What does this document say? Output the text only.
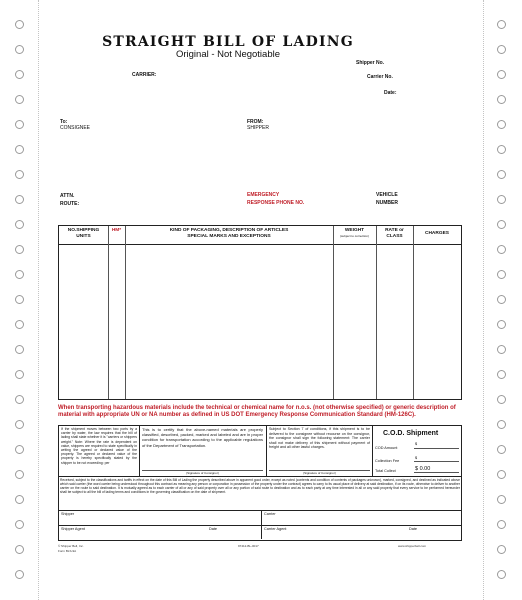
STRAIGHT BILL OF LADING
Original - Not Negotiable
CARRIER:
Shipper No.
Carrier No.
Date:
To:
CONSIGNEE
FROM:
SHIPPER
ATTN.
ROUTE:
EMERGENCY
RESPONSE PHONE NO.
VEHICLE
NUMBER
NO.SHIPPING
UNITS
HM*	KIND OF PACKAGING, DESCRIPTION OF ARTICLES
SPECIAL MARKS AND EXCEPTIONS
WEIGHT
(subject to correction)
RATE or
CLASS
CHARGES
When transporting hazardous materials include the technical or chemical name for n.o.s. (not otherwise specified) or generic description of material with appropriate UN or NA number as defined in US DOT Emergency Response Communication Standard (HM-126C).
If the shipment moves between two ports by a carrier by water, the law requires that the bill of lading shall state whether it is "carriers or shippers weight." Note: Where the rate is dependent on value, shippers are required to state specifically in writing the agreed or declared value of the property. The agreed or declared value of the property is hereby specifically stated by the shipper to be not exceeding: per
This is to certify that the above-named materials are properly classified, described, packed, marked and labeled and are in proper condition for transportation according to the applicable regulations of the Department of Transportation.
(Signature of Consignor)
Subject to Section 7 of conditions, if this shipment is to be delivered to the consignee without recourse on the consignor, the consignor shall sign the following statement: The carrier shall not make delivery of this shipment without payment of freight and all other lawful charges.
(Signature of Consignor)
C.O.D. Shipment
COD Amount
$
Collection Fee
$
Total Collect	$ 0.00
Received, subject to the classifications and tariffs in effect on the date of this Bill of Lading the property described above in apparent good order, except as noted (contents and condition of contents of packages unknown), marked, consigned, and destined as indicated above which said carrier (the word carrier being understood throughout this contract as meaning any person or corporation in possession of the property under the contract) agrees to carry to its usual place of delivery at said destination, if on its route, otherwise to deliver to another carrier on the route to said destination. It is mutually agreed as to each carrier of all or any of said property over all or any portion of said route to destination and as to each party at any time interested in all or any said property that every service to be performed hereunder shall be subject to all the bill of lading terms and conditions in the governing classification on the date of shipment.
Shipper	Carrier
Shipper Agent	Date	Carrier Agent	Date
© Shipper Bell, Inc.
Form BLS-9A
97412-BL-0017	www.shipperbell.com
